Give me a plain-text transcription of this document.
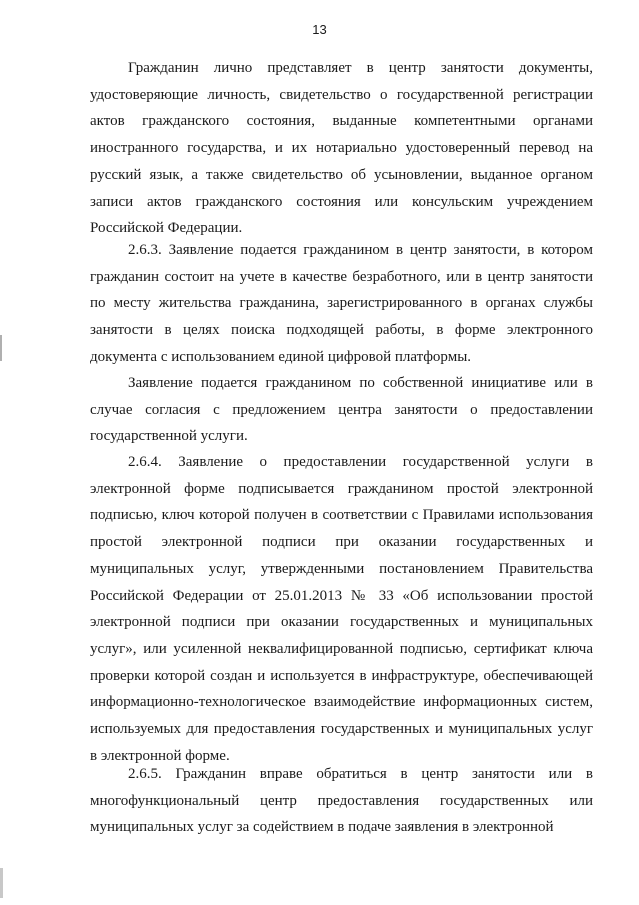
13

Гражданин лично представляет в центр занятости документы, удостоверяющие личность, свидетельство о государственной регистрации актов гражданского состояния, выданные компетентными органами иностранного государства, и их нотариально удостоверенный перевод на русский язык, а также свидетельство об усыновлении, выданное органом записи актов гражданского состояния или консульским учреждением Российской Федерации.

2.6.3. Заявление подается гражданином в центр занятости, в котором гражданин состоит на учете в качестве безработного, или в центр занятости по месту жительства гражданина, зарегистрированного в органах службы занятости в целях поиска подходящей работы, в форме электронного документа с использованием единой цифровой платформы.

Заявление подается гражданином по собственной инициативе или в случае согласия с предложением центра занятости о предоставлении государственной услуги.

2.6.4. Заявление о предоставлении государственной услуги в электронной форме подписывается гражданином простой электронной подписью, ключ которой получен в соответствии с Правилами использования простой электронной подписи при оказании государственных и муниципальных услуг, утвержденными постановлением Правительства Российской Федерации от 25.01.2013 № 33 «Об использовании простой электронной подписи при оказании государственных и муниципальных услуг», или усиленной неквалифицированной подписью, сертификат ключа проверки которой создан и используется в инфраструктуре, обеспечивающей информационно-технологическое взаимодействие информационных систем, используемых для предоставления государственных и муниципальных услуг в электронной форме.

2.6.5. Гражданин вправе обратиться в центр занятости или в многофункциональный центр предоставления государственных или муниципальных услуг за содействием в подаче заявления в электронной
